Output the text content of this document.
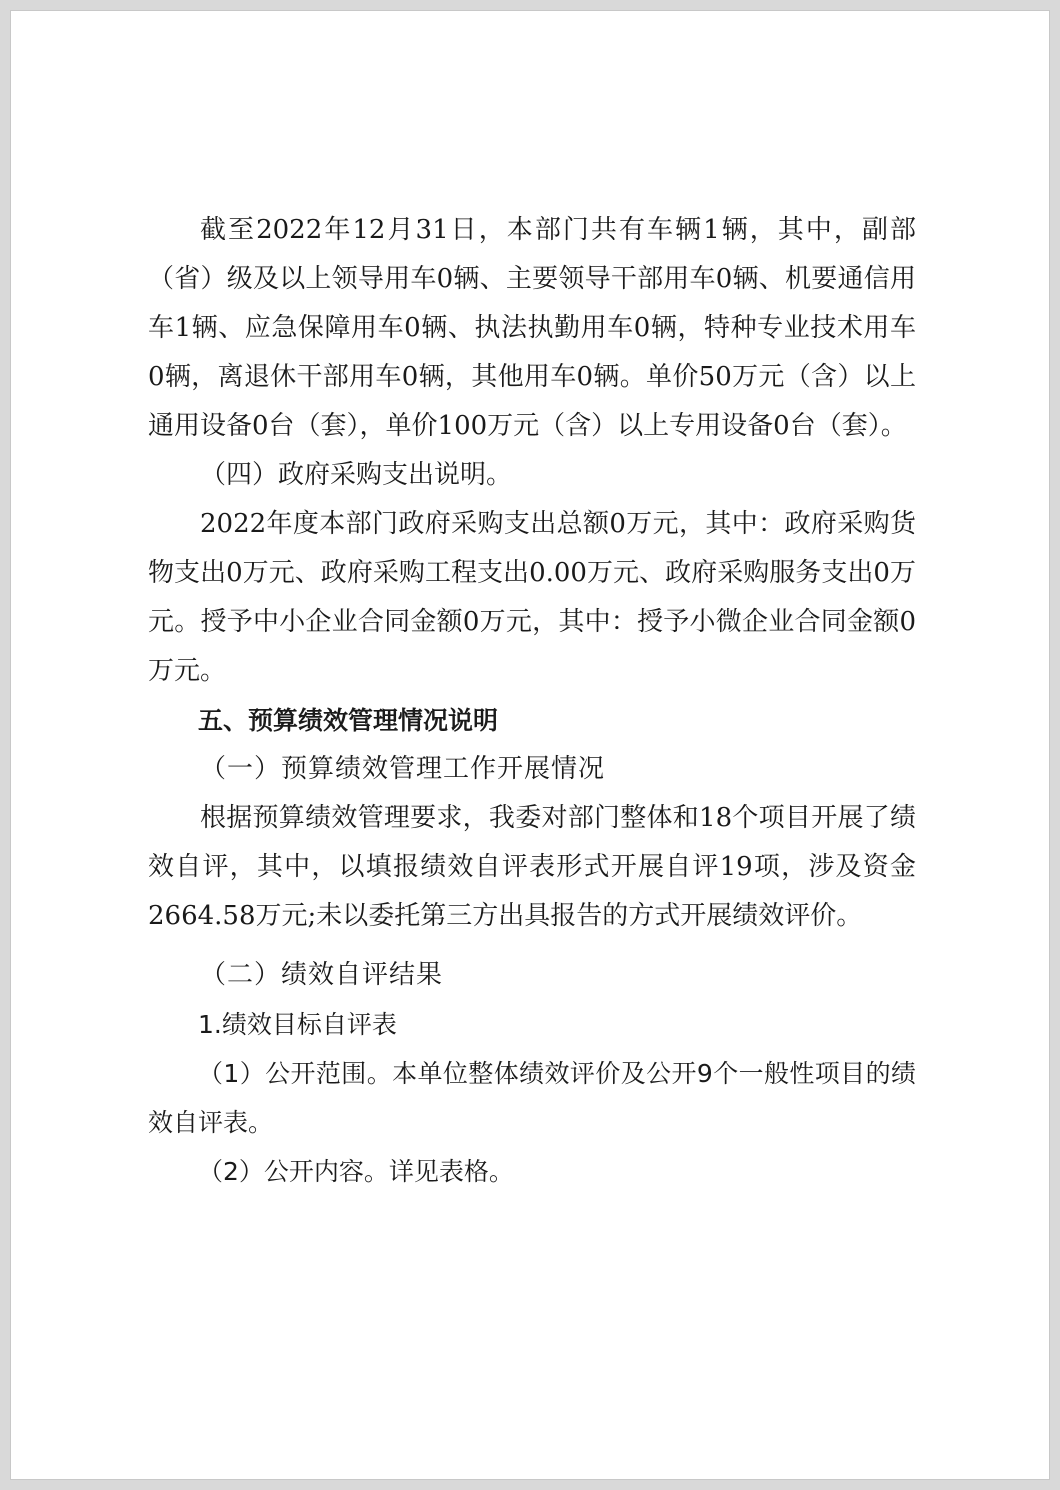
截至2022年12月31日，本部门共有车辆1辆，其中，副部（省）级及以上领导用车0辆、主要领导干部用车0辆、机要通信用车1辆、应急保障用车0辆、执法执勤用车0辆，特种专业技术用车0辆，离退休干部用车0辆，其他用车0辆。单价50万元（含）以上通用设备0台（套），单价100万元（含）以上专用设备0台（套）。

（四）政府采购支出说明。

2022年度本部门政府采购支出总额0万元，其中：政府采购货物支出0万元、政府采购工程支出0.00万元、政府采购服务支出0万元。授予中小企业合同金额0万元，其中：授予小微企业合同金额0万元。

五、预算绩效管理情况说明

（一）预算绩效管理工作开展情况

根据预算绩效管理要求，我委对部门整体和18个项目开展了绩效自评，其中，以填报绩效自评表形式开展自评19项，涉及资金2664.58万元;未以委托第三方出具报告的方式开展绩效评价。

（二）绩效自评结果

1.绩效目标自评表

（1）公开范围。本单位整体绩效评价及公开9个一般性项目的绩效自评表。

（2）公开内容。详见表格。
